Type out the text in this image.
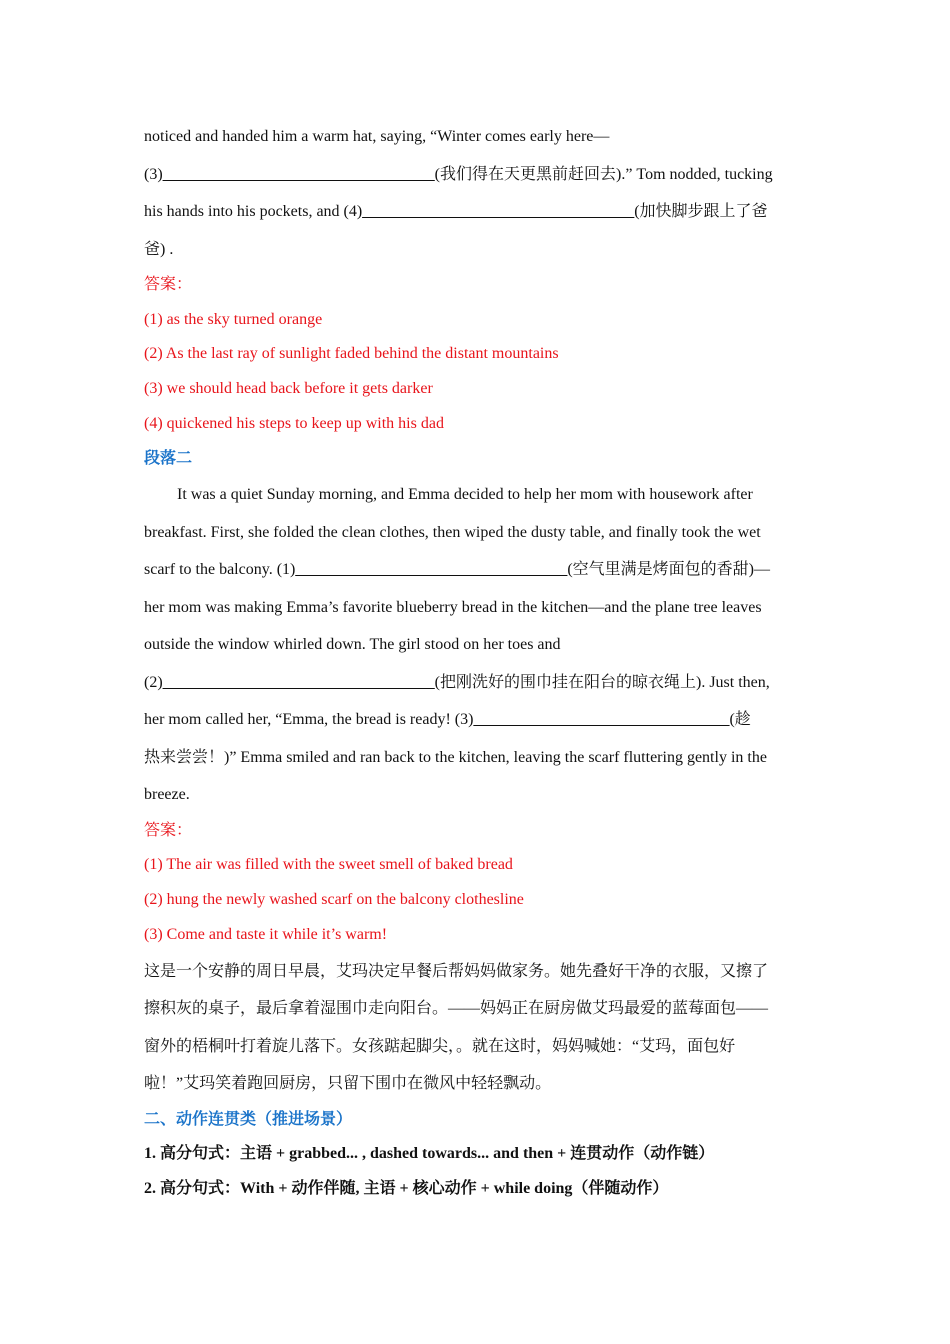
noticed and handed him a warm hat, saying, “Winter comes early here—

(3)__________________________________(我们得在天更黑前赶回去).” Tom nodded, tucking

his hands into his pockets, and (4)__________________________________(加快脚步跟上了爸

爸) .

答案：

(1) as the sky turned orange

(2) As the last ray of sunlight faded behind the distant mountains

(3) we should head back before it gets darker

(4) quickened his steps to keep up with his dad

段落二

It was a quiet Sunday morning, and Emma decided to help her mom with housework after

breakfast. First, she folded the clean clothes, then wiped the dusty table, and finally took the wet

scarf to the balcony. (1)__________________________________(空气里满是烤面包的香甜)—

her mom was making Emma’s favorite blueberry bread in the kitchen—and the plane tree leaves

outside the window whirled down. The girl stood on her toes and

(2)__________________________________(把刚洗好的围巾挂在阳台的晾衣绳上). Just then,

her mom called her, “Emma, the bread is ready! (3)________________________________(趁

热来尝尝！)” Emma smiled and ran back to the kitchen, leaving the scarf fluttering gently in the

breeze.

答案：

(1) The air was filled with the sweet smell of baked bread

(2) hung the newly washed scarf on the balcony clothesline

(3) Come and taste it while it’s warm!

这是一个安静的周日早晨，艾玛决定早餐后帮妈妈做家务。她先叠好干净的衣服，又擦了

擦积灰的桌子，最后拿着湿围巾走向阳台。——妈妈正在厨房做艾玛最爱的蓝莓面包——

窗外的梧桐叶打着旋儿落下。女孩踮起脚尖，。就在这时，妈妈喊她：“艾玛，面包好

啦！”艾玛笑着跑回厨房，只留下围巾在微风中轻轻飘动。

二、动作连贯类（推进场景）

1. 高分句式：主语 + grabbed... , dashed towards... and then + 连贯动作（动作链）

2. 高分句式：With + 动作伴随, 主语 + 核心动作 + while doing（伴随动作）
